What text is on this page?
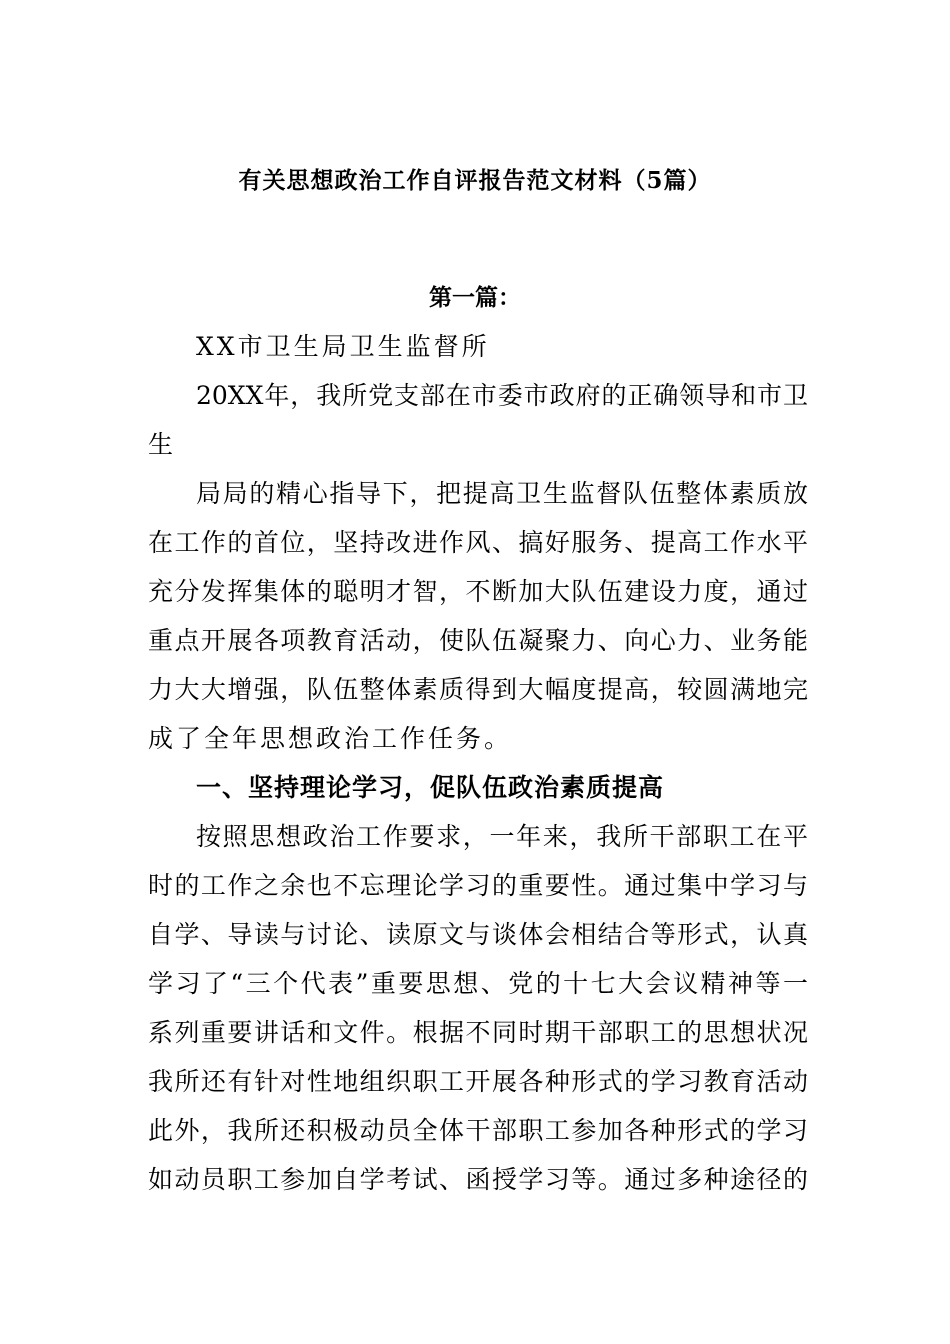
有关思想政治工作自评报告范文材料（5篇）
第一篇：
XX市卫生局卫生监督所
20XX年，我所党支部在市委市政府的正确领导和市卫
生
局局的精心指导下，把提高卫生监督队伍整体素质放
在工作的首位，坚持改进作风、搞好服务、提高工作水平
充分发挥集体的聪明才智，不断加大队伍建设力度，通过
重点开展各项教育活动，使队伍凝聚力、向心力、业务能
力大大增强，队伍整体素质得到大幅度提高，较圆满地完
成了全年思想政治工作任务。
一、坚持理论学习，促队伍政治素质提高
按照思想政治工作要求，一年来，我所干部职工在平
时的工作之余也不忘理论学习的重要性。通过集中学习与
自学、导读与讨论、读原文与谈体会相结合等形式，认真
学习了“三个代表”重要思想、党的十七大会议精神等一
系列重要讲话和文件。根据不同时期干部职工的思想状况
我所还有针对性地组织职工开展各种形式的学习教育活动
此外，我所还积极动员全体干部职工参加各种形式的学习
如动员职工参加自学考试、函授学习等。通过多种途径的
